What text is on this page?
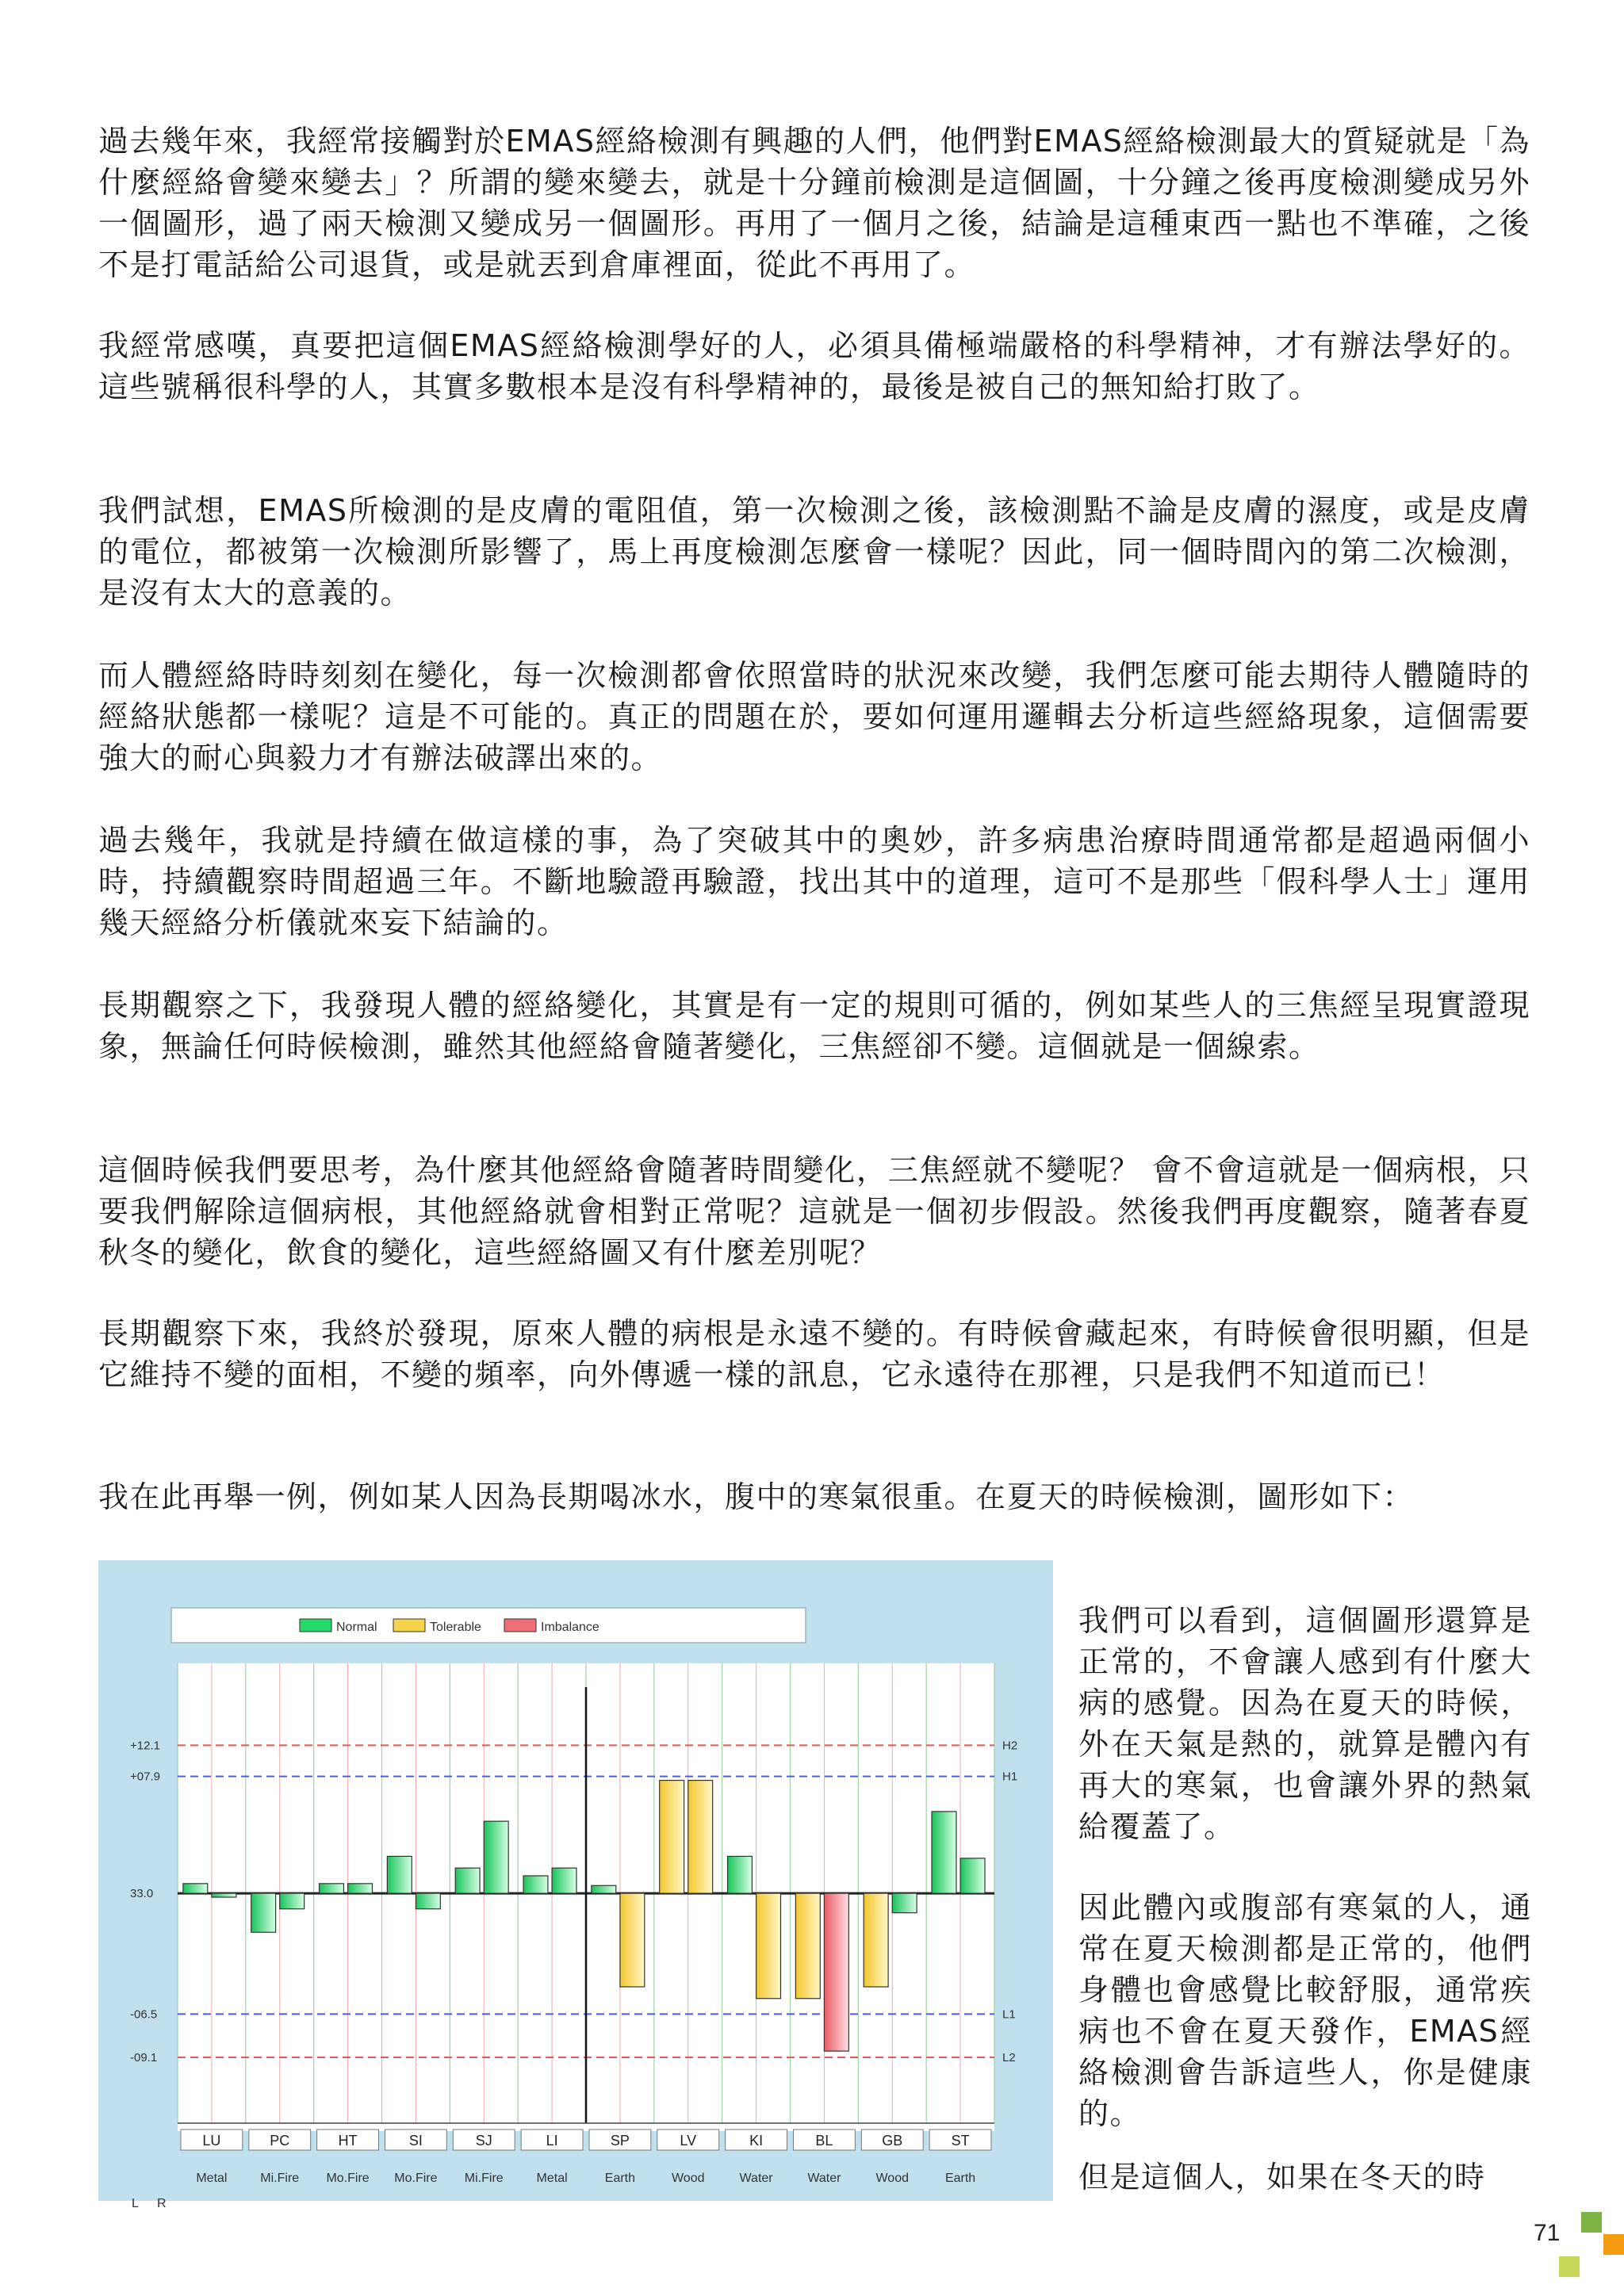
過去幾年來，我經常接觸對於EMAS經絡檢測有興趣的人們，他們對EMAS經絡檢測最大的質疑就是「為什麼經絡會變來變去」？所謂的變來變去，就是十分鐘前檢測是這個圖，十分鐘之後再度檢測變成另外一個圖形，過了兩天檢測又變成另一個圖形。再用了一個月之後，結論是這種東西一點也不準確，之後不是打電話給公司退貨，或是就丟到倉庫裡面，從此不再用了。

我經常感嘆，真要把這個EMAS經絡檢測學好的人，必須具備極端嚴格的科學精神，才有辦法學好的。這些號稱很科學的人，其實多數根本是沒有科學精神的，最後是被自己的無知給打敗了。

我們試想，EMAS所檢測的是皮膚的電阻值，第一次檢測之後，該檢測點不論是皮膚的濕度，或是皮膚的電位，都被第一次檢測所影響了，馬上再度檢測怎麼會一樣呢？因此，同一個時間內的第二次檢測，是沒有太大的意義的。

而人體經絡時時刻刻在變化，每一次檢測都會依照當時的狀況來改變，我們怎麼可能去期待人體隨時的經絡狀態都一樣呢？這是不可能的。真正的問題在於，要如何運用邏輯去分析這些經絡現象，這個需要強大的耐心與毅力才有辦法破譯出來的。

過去幾年，我就是持續在做這樣的事，為了突破其中的奧妙，許多病患治療時間通常都是超過兩個小時，持續觀察時間超過三年。不斷地驗證再驗證，找出其中的道理，這可不是那些「假科學人士」運用幾天經絡分析儀就來妄下結論的。

長期觀察之下，我發現人體的經絡變化，其實是有一定的規則可循的，例如某些人的三焦經呈現實證現象，無論任何時候檢測，雖然其他經絡會隨著變化，三焦經卻不變。這個就是一個線索。

這個時候我們要思考，為什麼其他經絡會隨著時間變化，三焦經就不變呢？ 會不會這就是一個病根，只要我們解除這個病根，其他經絡就會相對正常呢？這就是一個初步假設。然後我們再度觀察，隨著春夏秋冬的變化，飲食的變化，這些經絡圖又有什麼差別呢？

長期觀察下來，我終於發現，原來人體的病根是永遠不變的。有時候會藏起來，有時候會很明顯，但是它維持不變的面相，不變的頻率，向外傳遞一樣的訊息，它永遠待在那裡，只是我們不知道而已！

我在此再舉一例，例如某人因為長期喝冰水，腹中的寒氣很重。在夏天的時候檢測，圖形如下：

Normal	Tolerable	Imbalance
+12.1
+07.9
33.0
-06.5
-09.1
H2
H1
L1
L2
LU
Metal
PC
Mi.Fire
HT
Mo.Fire
SI
Mo.Fire
SJ
Mi.Fire
LI
Metal
SP
Earth
LV
Wood
KI
Water
BL
Water
GB
Wood
ST
Earth
L R

我們可以看到，這個圖形還算是正常的，不會讓人感到有什麼大病的感覺。因為在夏天的時候，外在天氣是熱的，就算是體內有再大的寒氣，也會讓外界的熱氣給覆蓋了。

因此體內或腹部有寒氣的人，通常在夏天檢測都是正常的，他們身體也會感覺比較舒服，通常疾病也不會在夏天發作，EMAS經絡檢測會告訴這些人，你是健康的。

但是這個人，如果在冬天的時

71
